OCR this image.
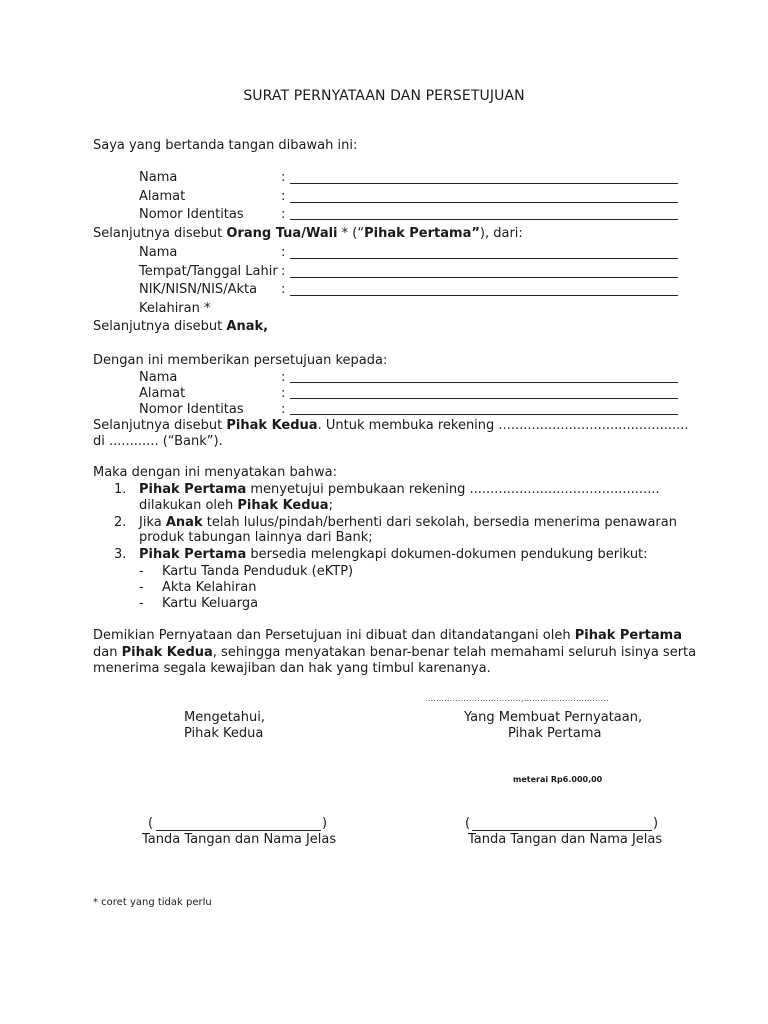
SURAT PERNYATAAN DAN PERSETUJUAN
Saya yang bertanda tangan dibawah ini:
Nama	:
Alamat	:
Nomor Identitas	:
Selanjutnya disebut Orang Tua/Wali * (“Pihak Pertama”), dari:
Nama	:
Tempat/Tanggal Lahir :
NIK/NISN/NIS/Akta :
Kelahiran *
Selanjutnya disebut Anak,
Dengan ini memberikan persetujuan kepada:
Nama	:
Alamat	:
Nomor Identitas	:
Selanjutnya disebut Pihak Kedua. Untuk membuka rekening ..............................................
di ............ (“Bank”).
Maka dengan ini menyatakan bahwa:
1. Pihak Pertama menyetujui pembukaan rekening ..............................................
dilakukan oleh Pihak Kedua;
2. Jika Anak telah lulus/pindah/berhenti dari sekolah, bersedia menerima penawaran
produk tabungan lainnya dari Bank;
3. Pihak Pertama bersedia melengkapi dokumen-dokumen pendukung berikut:
- Kartu Tanda Penduduk (eKTP)
- Akta Kelahiran
- Kartu Keluarga
Demikian Pernyataan dan Persetujuan ini dibuat dan ditandatangani oleh Pihak Pertama
dan Pihak Kedua, sehingga menyatakan benar-benar telah memahami seluruh isinya serta
menerima segala kewajiban dan hak yang timbul karenanya.
...................................,...............................
Mengetahui,
Pihak Kedua
Yang Membuat Pernyataan,
Pihak Pertama
meterai Rp6.000,00
(	)
Tanda Tangan dan Nama Jelas
(	)
Tanda Tangan dan Nama Jelas
* coret yang tidak perlu
